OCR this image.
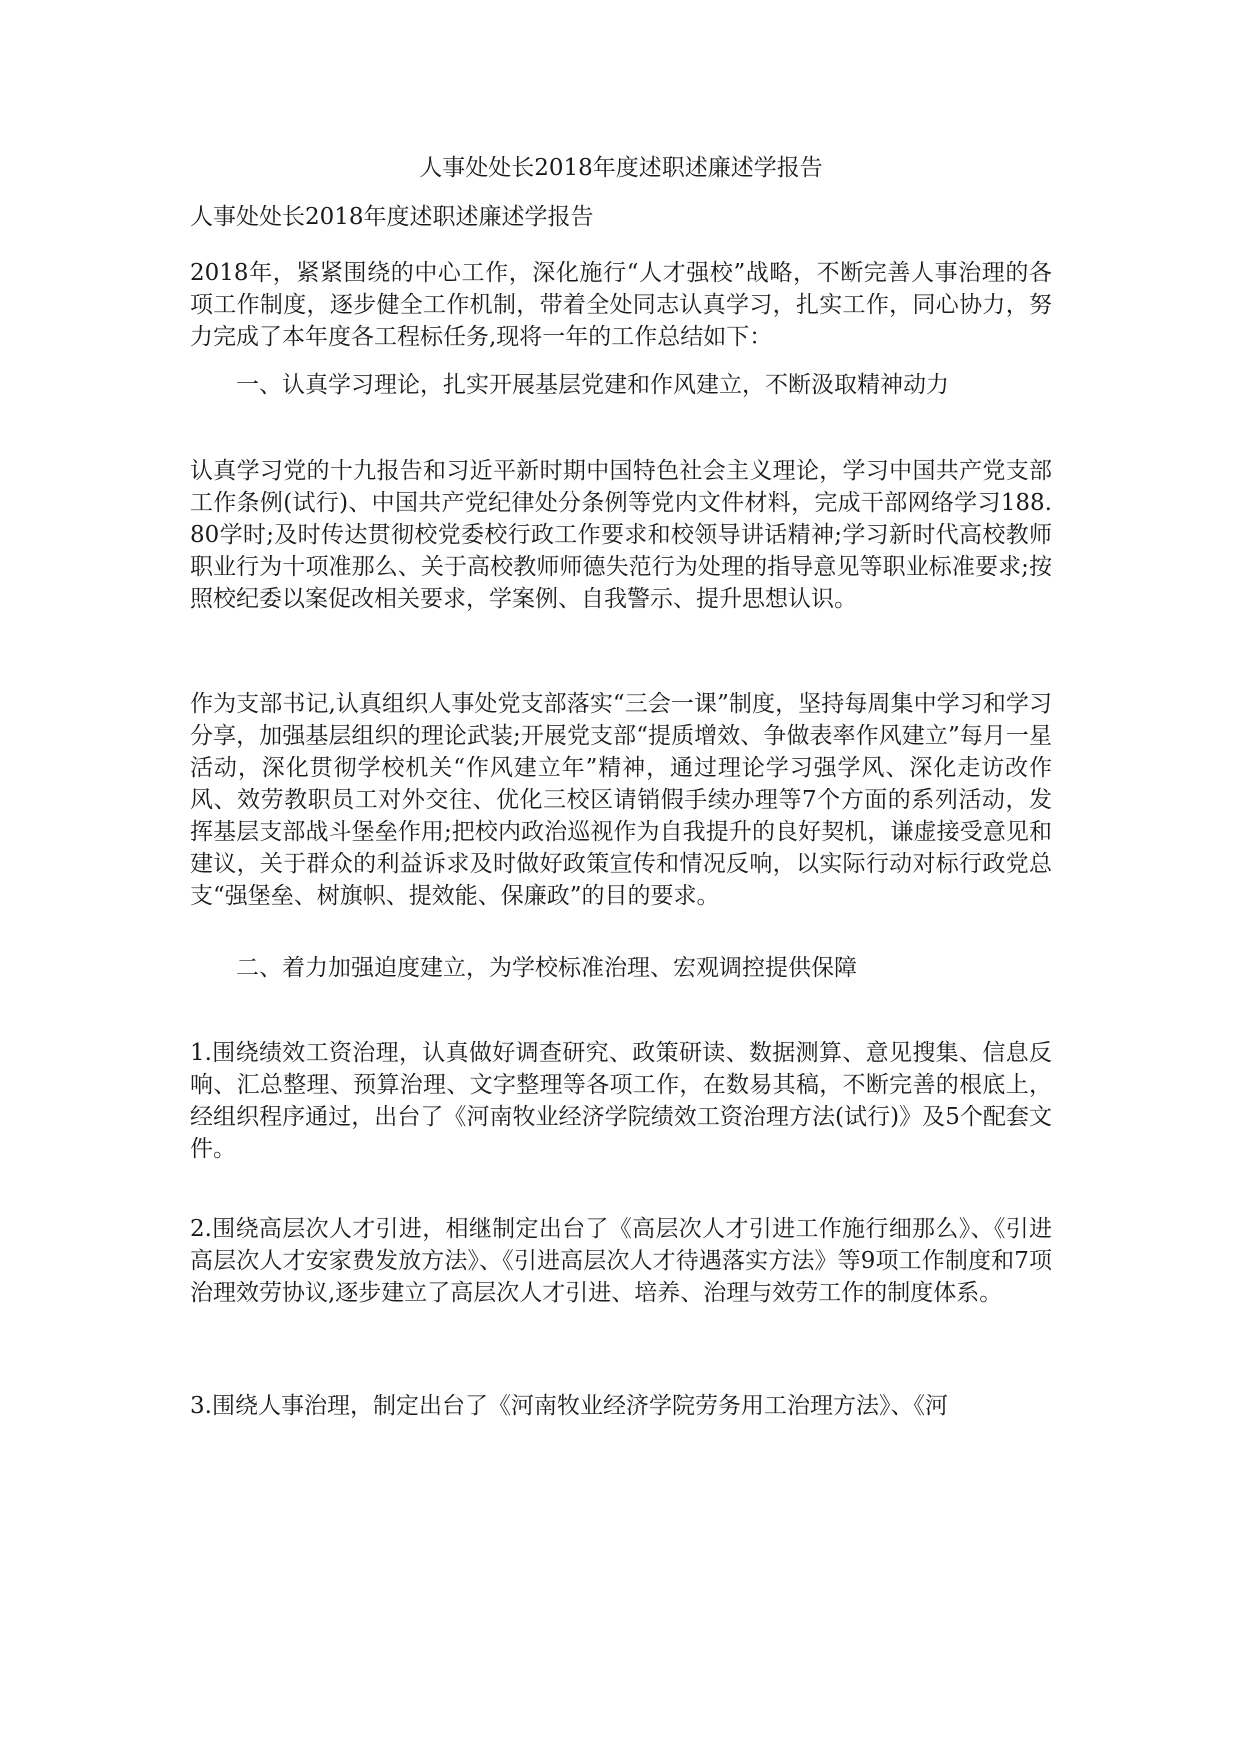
人事处处长2018年度述职述廉述学报告

人事处处长2018年度述职述廉述学报告

2018年，紧紧围绕的中心工作，深化施行“人才强校”战略，不断完善人事治理的各项工作制度，逐步健全工作机制，带着全处同志认真学习，扎实工作，同心协力，努力完成了本年度各工程标任务,现将一年的工作总结如下：

一、认真学习理论，扎实开展基层党建和作风建立，不断汲取精神动力

认真学习党的十九报告和习近平新时期中国特色社会主义理论，学习中国共产党支部工作条例(试行)、中国共产党纪律处分条例等党内文件材料，完成干部网络学习188.80学时;及时传达贯彻校党委校行政工作要求和校领导讲话精神;学习新时代高校教师职业行为十项准那么、关于高校教师师德失范行为处理的指导意见等职业标准要求;按照校纪委以案促改相关要求，学案例、自我警示、提升思想认识。

作为支部书记,认真组织人事处党支部落实“三会一课”制度，坚持每周集中学习和学习分享，加强基层组织的理论武装;开展党支部“提质增效、争做表率作风建立”每月一星活动，深化贯彻学校机关“作风建立年”精神，通过理论学习强学风、深化走访改作风、效劳教职员工对外交往、优化三校区请销假手续办理等7个方面的系列活动，发挥基层支部战斗堡垒作用;把校内政治巡视作为自我提升的良好契机，谦虚接受意见和建议，关于群众的利益诉求及时做好政策宣传和情况反响，以实际行动对标行政党总支“强堡垒、树旗帜、提效能、保廉政”的目的要求。

二、着力加强迫度建立，为学校标准治理、宏观调控提供保障

1.围绕绩效工资治理，认真做好调查研究、政策研读、数据测算、意见搜集、信息反响、汇总整理、预算治理、文字整理等各项工作，在数易其稿，不断完善的根底上，经组织程序通过，出台了《河南牧业经济学院绩效工资治理方法(试行)》及5个配套文件。

2.围绕高层次人才引进，相继制定出台了《高层次人才引进工作施行细那么》、《引进高层次人才安家费发放方法》、《引进高层次人才待遇落实方法》等9项工作制度和7项治理效劳协议,逐步建立了高层次人才引进、培养、治理与效劳工作的制度体系。

3.围绕人事治理，制定出台了《河南牧业经济学院劳务用工治理方法》、《河
